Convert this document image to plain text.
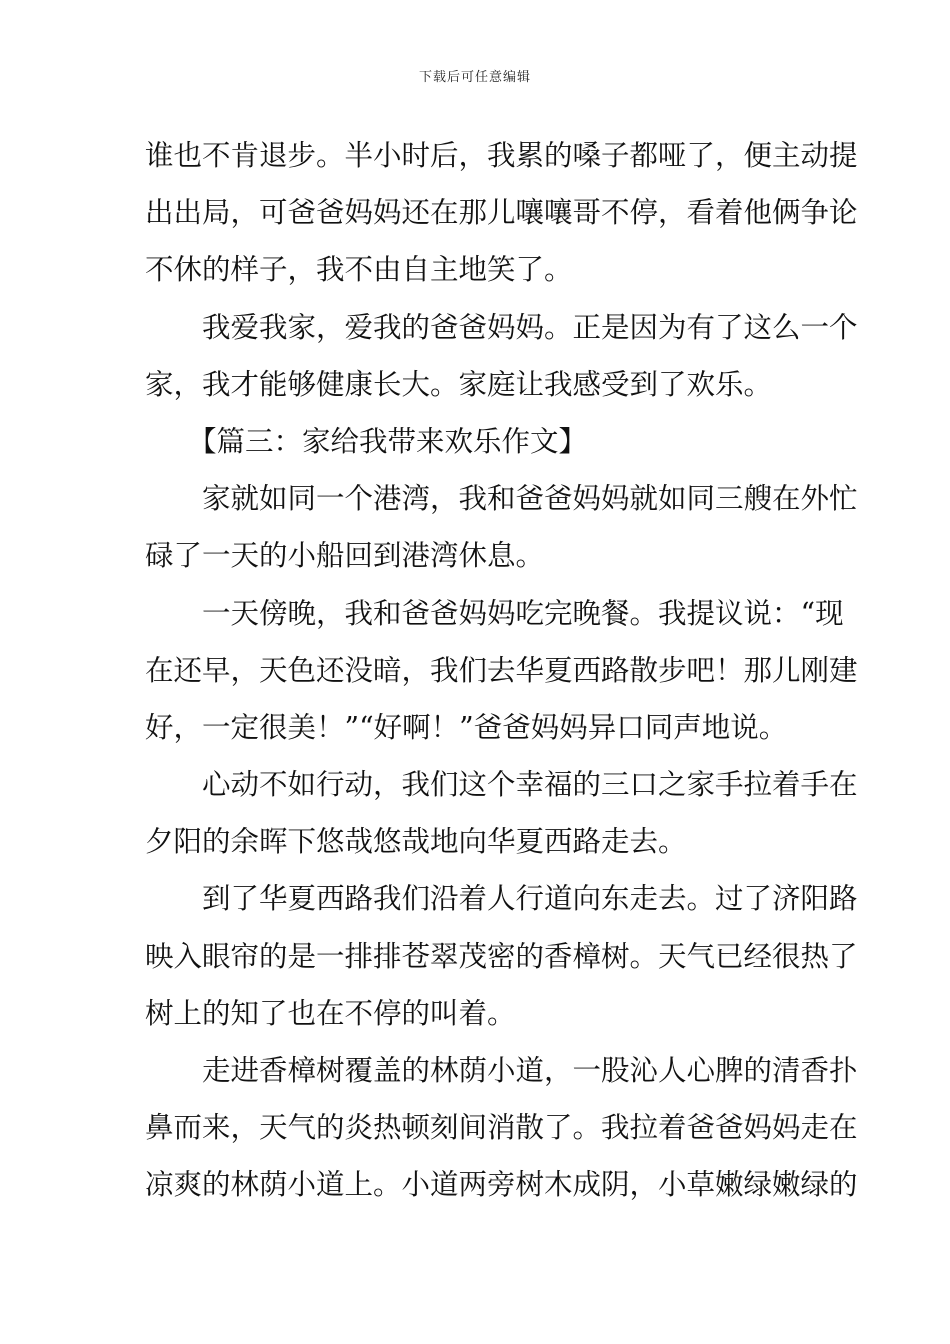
下载后可任意编辑
谁也不肯退步。半小时后，我累的嗓子都哑了，便主动提
出出局，可爸爸妈妈还在那儿嚷嚷哥不停，看着他俩争论
不休的样子，我不由自主地笑了。
我爱我家，爱我的爸爸妈妈。正是因为有了这么一个
家，我才能够健康长大。家庭让我感受到了欢乐。
【篇三：家给我带来欢乐作文】
家就如同一个港湾，我和爸爸妈妈就如同三艘在外忙
碌了一天的小船回到港湾休息。
一天傍晚，我和爸爸妈妈吃完晚餐。我提议说：“现
在还早，天色还没暗，我们去华夏西路散步吧！那儿刚建
好，一定很美！”“好啊！”爸爸妈妈异口同声地说。
心动不如行动，我们这个幸福的三口之家手拉着手在
夕阳的余晖下悠哉悠哉地向华夏西路走去。
到了华夏西路我们沿着人行道向东走去。过了济阳路
映入眼帘的是一排排苍翠茂密的香樟树。天气已经很热了
树上的知了也在不停的叫着。
走进香樟树覆盖的林荫小道，一股沁人心脾的清香扑
鼻而来，天气的炎热顿刻间消散了。我拉着爸爸妈妈走在
凉爽的林荫小道上。小道两旁树木成阴，小草嫩绿嫩绿的
